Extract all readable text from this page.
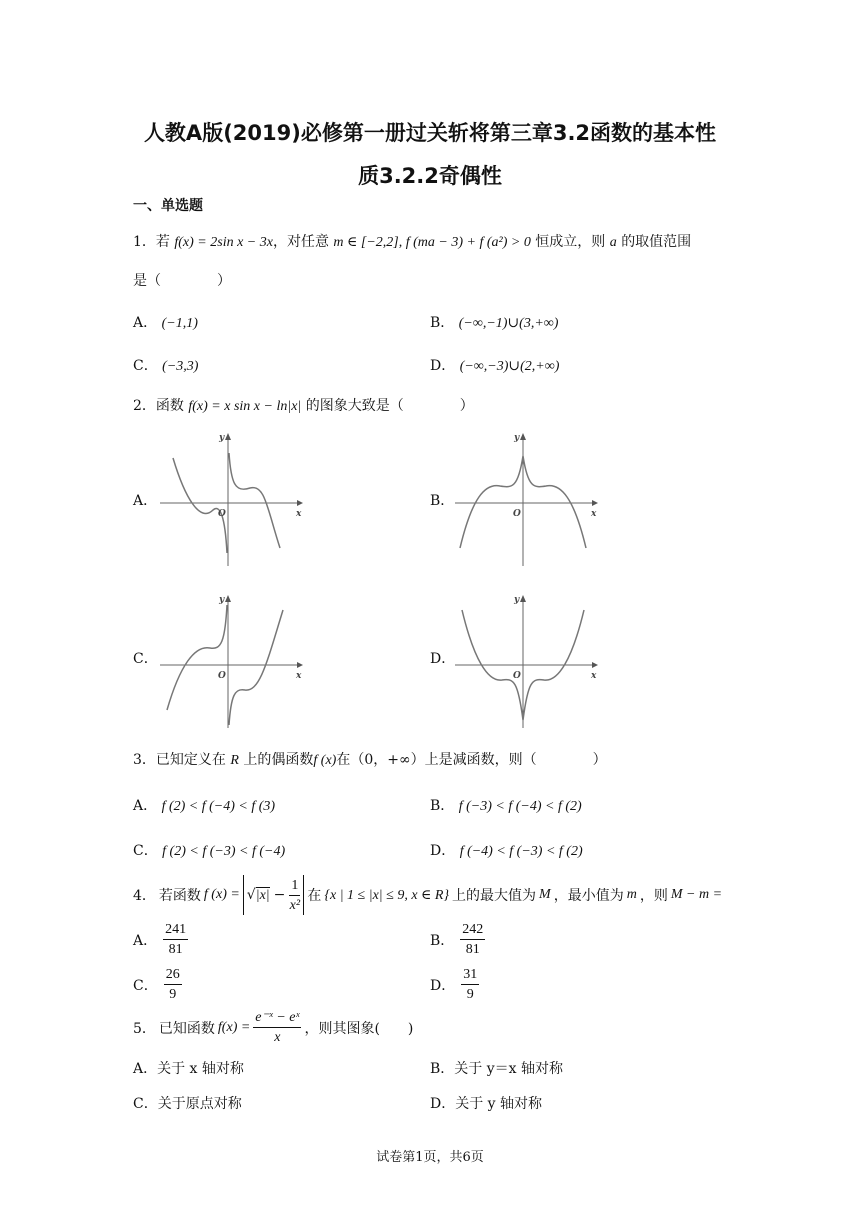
人教A版(2019)必修第一册过关斩将第三章3.2函数的基本性
质3.2.2奇偶性
一、单选题
1．若 f(x) = 2sin x − 3x，对任意 m ∈ [−2,2], f (ma − 3) + f (a²) > 0 恒成立，则 a 的取值范围
是（　　　　）
A． (−1,1)	B． (−∞,−1)∪(3,+∞)
C． (−3,3)	D． (−∞,−3)∪(2,+∞)
2．函数 f(x) = x sin x − ln|x| 的图象大致是（　　　　）
A．	B．
C．	D．
y
x
O
y
x
O
y
x
O
y
x
O
3．已知定义在 R 上的偶函数f (x)在（0，+∞）上是减函数，则（　　　　）
A． f (2) < f (−4) < f (3)	B． f (−3) < f (−4) < f (2)
C． f (2) < f (−3) < f (−4)	D． f (−4) < f (−3) < f (2)
4． 若函数 f (x) = √ $|x| - \frac{1}{\text{x²}}$ 在 {x | 1 ≤ |x| ≤ 9, x ∈ R} 上的最大值为 M ，最小值为 m ，则 M − m =
A． $\frac{241}{81}$	B． $\frac{242}{81}$
C． $\frac{26}{9}$	D． $\frac{31}{9}$
5． 已知函数 $f(x) = \frac{\text{e⁻ˣ − eˣ}}{x}$ ，则其图象(　　)
A．关于 x 轴对称	B．关于 y＝x 轴对称
C．关于原点对称	D．关于 y 轴对称
试卷第1页，共6页
